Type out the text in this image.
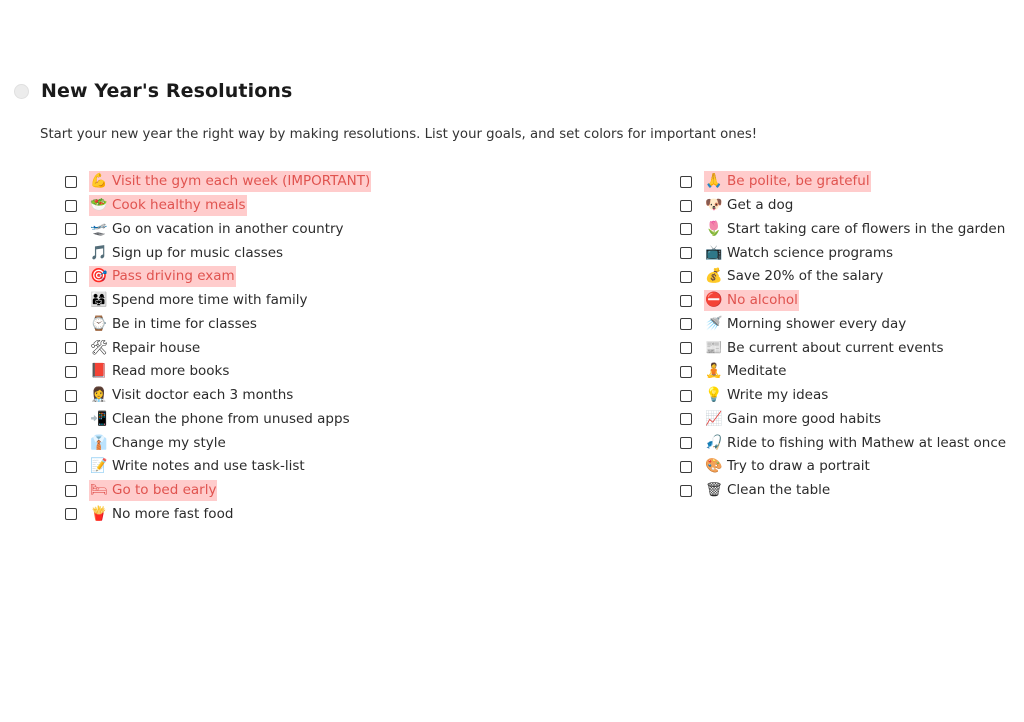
New Year's Resolutions
Start your new year the right way by making resolutions. List your goals, and set colors for important ones!
💪 Visit the gym each week (IMPORTANT)
🥗 Cook healthy meals
🛫 Go on vacation in another country
🎵 Sign up for music classes
🎯 Pass driving exam
👨‍👩‍👧 Spend more time with family
⌚ Be in time for classes
🛠 Repair house
📕 Read more books
👩‍⚕️ Visit doctor each 3 months
📲 Clean the phone from unused apps
👔 Change my style
📝 Write notes and use task-list
🛏 Go to bed early
🍟 No more fast food
🙏 Be polite, be grateful
🐶 Get a dog
🌷 Start taking care of flowers in the garden
📺 Watch science programs
💰 Save 20% of the salary
⛔ No alcohol
🚿 Morning shower every day
📰 Be current about current events
🧘 Meditate
💡 Write my ideas
📈 Gain more good habits
🎣 Ride to fishing with Mathew at least once
🎨 Try to draw a portrait
🗑 Clean the table
